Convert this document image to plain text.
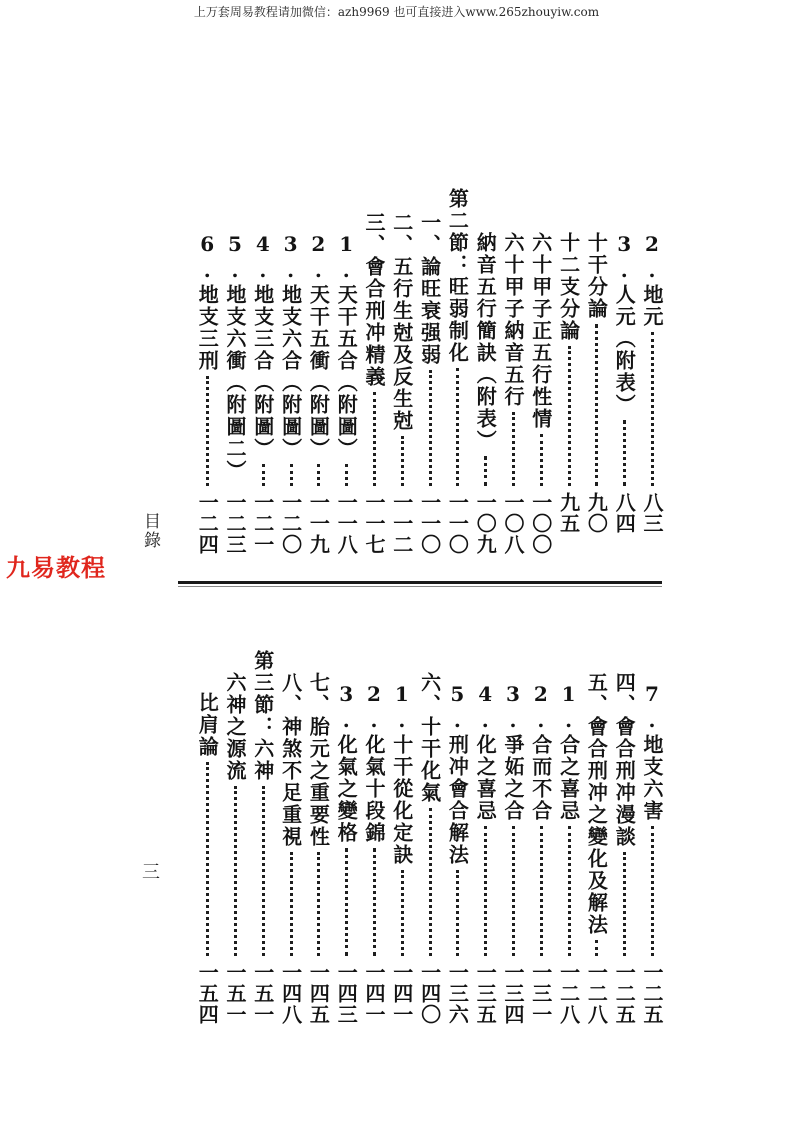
上万套周易教程请加微信：azh9969 也可直接进入www.265zhouyiw.com
2.地元
八三
3.人元（附表）
八四
十干分論
九〇
十二支分論
九五
六十甲子正五行性情
一〇〇
六十甲子納音五行
一〇八
納音五行簡訣（附表）
一〇九
第二節：旺弱制化
一一〇
一、論旺衰强弱
一一〇
二、五行生尅及反生尅
一一二
三、會合刑冲精義
一一七
1.天干五合（附圖）
一一八
2.天干五衝（附圖）
一一九
3.地支六合（附圖）
一二〇
4.地支三合（附圖）
一二一
5.地支六衝（附圖二）
一二三
6.地支三刑
一二四
7.地支六害
一二五
四、會合刑冲漫談
一二五
五、會合刑冲之變化及解法
一二八
1.合之喜忌
一二八
2.合而不合
一三一
3.爭妬之合
一三四
4.化之喜忌
一三五
5.刑冲會合解法
一三六
六、十干化氣
一四〇
1.十干從化定訣
一四一
2.化氣十段錦
一四一
3.化氣之變格
一四三
七、胎元之重要性
一四五
八、神煞不足重視
一四八
第三節：六神
一五一
六神之源流
一五一
比肩論
一五四
目錄
九易教程
三
